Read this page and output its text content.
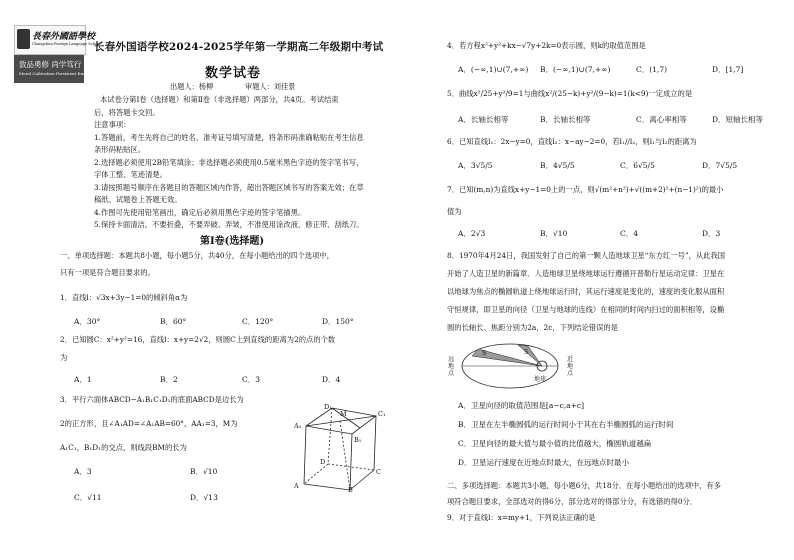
長春外國語學校
Changchun Foreign Language School
敦品勇修 尚学笃行
Moral Cultivation Persistent Endeavor
长春外国语学校2024-2025学年第一学期高二年级期中考试
数学试卷
出题人：杨柳	审题人：刘佳景
本试卷分第Ⅰ卷（选择题）和第Ⅱ卷（非选择题）两部分，共4页。考试结束
后，将答题卡交回。
注意事项：
1.答题前，考生先将自己的姓名、准考证号填写清楚，将条形码准确粘贴在考生信息
条形码粘贴区。
2.选择题必须使用2B铅笔填涂；非选择题必须使用0.5毫米黑色字迹的签字笔书写，
字体工整、笔迹清楚。
3.请按照题号顺序在各题目的答题区域内作答，超出答题区域书写的答案无效；在草
稿纸、试题卷上答题无效。
4.作图可先使用铅笔画出，确定后必须用黑色字迹的签字笔描黑。
5.保持卡面清洁，不要折叠，不要弄破、弄皱，不准使用涂改液、修正带、刮纸刀。
第Ⅰ卷(选择题)
一、单项选择题：本题共8小题，每小题5分，共40分，在每小题给出的四个选项中，
只有一项是符合题目要求的。
1．直线l：√3x+3y−1=0的倾斜角α为
A．30°	B．60°	C．120°	D．150°
2．已知圆C：x²+y²=16，直线l：x+y=2√2，则圆C上到直线的距离为2的点的个数
为
A．1	B．2	C．3	D．4
3．平行六面体ABCD−A₁B₁C₁D₁的底面ABCD是边长为
2的正方形，且∠A₁AD=∠A₁AB=60°，AA₁=3，M为
A₁C₁，B₁D₁的交点，则线段BM的长为
A．3	B．√10
C．√11	D．√13
D₁
M	C₁
A₁
B₁
D
C
A	B
4．若方程x²+y²+kx−√7y+2k=0表示圆，则k的取值范围是
A．(−∞,1)∪(7,+∞) B．(−∞,1)∪(7,+∞)	C．(1,7)	D．[1,7]
5．曲线x²/25+y²/9=1与曲线x²/(25−k)+y²/(9−k)=1(k<9)一定成立的是
A．长轴长相等	B．长轴长相等	C．离心率相等	D．短轴长相等
6．已知直线l₁：2x−y=0，直线l₂：x−ay−2=0，若l₁//l₂，则l₁与l₂的距离为
A．3√5/5	B．4√5/5	C．6√5/5	D．7√5/5
7．已知(m,n)为直线x+y−1=0上的一点，则√(m²+n²)+√((m+2)²+(n−1)²)的最小
值为
A．2√3	B．√10	C．4	D．3
8．1970年4月24日，我国发射了自己的第一颗人造地球卫星“东方红一号”，从此我国
开始了人造卫星的新篇章．人造地球卫星绕地球运行遵循开普勒行星运动定律：卫星在
以地球为焦点的椭圆轨道上绕地球运行时，其运行速度是变化的，速度的变化服从面积
守恒规律，即卫星的向径（卫星与地球的连线）在相同的时间内扫过的面积相等，设椭
圆的长轴长、焦距分别为2a，2c，下列结论错误的是
S	S
地球
远地点
近地点
A．卫星向径的取值范围是[a−c,a+c]
B．卫星在左半椭圆弧的运行时间小于其在右半椭圆弧的运行时间
C．卫星向径的最大值与最小值的比值越大，椭圆轨道越扁
D．卫星运行速度在近地点时最大，在远地点时最小
二、多项选择题：本题共3小题，每小题6分，共18分．在每小题给出的选项中，有多
项符合题目要求，全部选对的得6分，部分选对的得部分分，有选错的得0分．
9．对于直线l：x=my+1，下列说法正确的是
